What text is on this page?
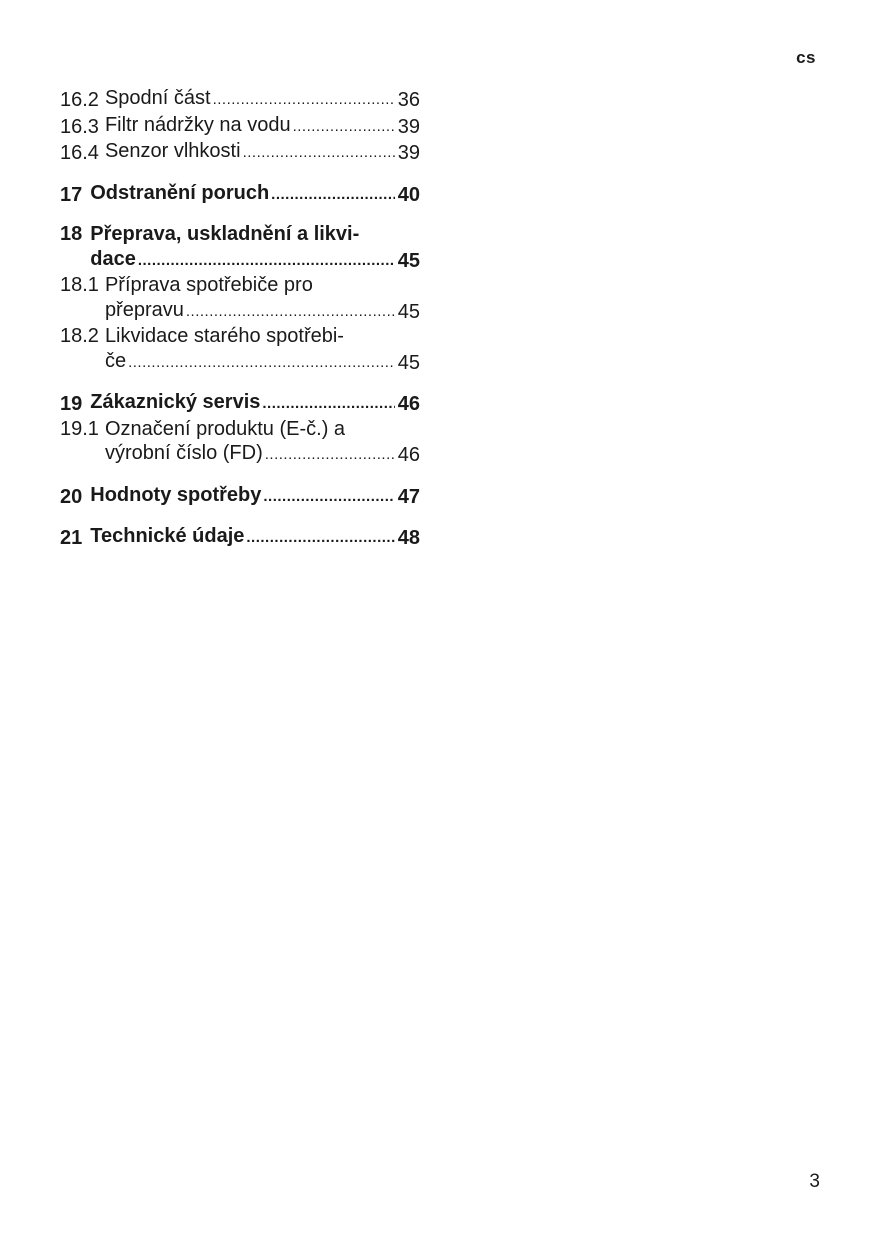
cs
16.2 Spodní část .....	36
16.3 Filtr nádržky na vodu .....	39
16.4 Senzor vlhkosti .....	39
17 Odstranění poruch .....	40
18 Přeprava, uskladnění a likvi-
dace .....	45
18.1 Příprava spotřebiče pro
přepravu .....	45
18.2 Likvidace starého spotřebi-
če .....	45
19 Zákaznický servis .....	46
19.1 Označení produktu (E-č.) a
výrobní číslo (FD) .....	46
20 Hodnoty spotřeby .....	47
21 Technické údaje .....	48
3
